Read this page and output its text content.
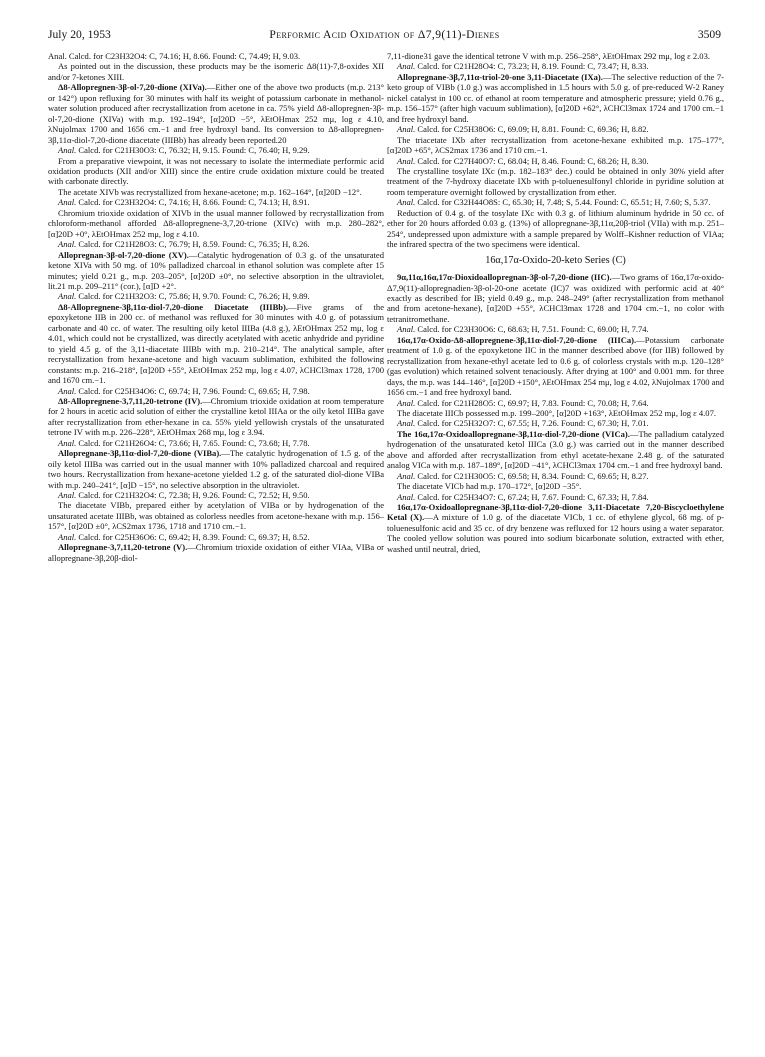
July 20, 1953	Performic Acid Oxidation of Δ7,9(11)-Dienes	3509

Anal. Calcd. for C23H32O4: C, 74.16; H, 8.66. Found: C, 74.49; H, 9.03.

As pointed out in the discussion, these products may be the isomeric Δ8(11)-7,8-oxides XII and/or 7-ketones XIII.

Δ8-Allopregnen-3β-ol-7,20-dione (XIVa).—Either one of the above two products (m.p. 213° or 142°) upon refluxing for 30 minutes with half its weight of potassium carbonate in methanol-water solution produced after recrystallization from acetone in ca. 75% yield Δ8-allopregnen-3β-ol-7,20-dione (XIVa) with m.p. 192–194°, [α]20D −5°, λEtOHmax 252 mμ, log ε 4.10, λNujolmax 1700 and 1656 cm.−1 and free hydroxyl band. Its conversion to Δ8-allopregnen-3β,11α-diol-7,20-dione diacetate (IIIBb) has already been reported.20

Anal. Calcd. for C21H30O3: C, 76.32; H, 9.15. Found: C, 76.40; H, 9.29.

From a preparative viewpoint, it was not necessary to isolate the intermediate performic acid oxidation products (XII and/or XIII) since the entire crude oxidation mixture could be treated with carbonate directly.

The acetate XIVb was recrystallized from hexane-acetone; m.p. 162–164°, [α]20D −12°.

Anal. Calcd. for C23H32O4: C, 74.16; H, 8.66. Found: C, 74.13; H, 8.91.

Chromium trioxide oxidation of XIVb in the usual manner followed by recrystallization from chloroform-methanol afforded Δ8-allopregnene-3,7,20-trione (XIVc) with m.p. 280–282°, [α]20D +0°, λEtOHmax 252 mμ, log ε 4.10.

Anal. Calcd. for C21H28O3: C, 76.79; H, 8.59. Found: C, 76.35; H, 8.26.

Allopregnan-3β-ol-7,20-dione (XV).—Catalytic hydrogenation of 0.3 g. of the unsaturated ketone XIVa with 50 mg. of 10% palladized charcoal in ethanol solution was complete after 15 minutes; yield 0.21 g., m.p. 203–205°, [α]20D ±0°, no selective absorption in the ultraviolet, lit.21 m.p. 209–211° (cor.), [α]D +2°.

Anal. Calcd. for C21H32O3: C, 75.86; H, 9.70. Found: C, 76.26; H, 9.89.

Δ8-Allopregnene-3β,11α-diol-7,20-dione Diacetate (IIIBb).—Five grams of the epoxyketone IIB in 200 cc. of methanol was refluxed for 30 minutes with 4.0 g. of potassium carbonate and 40 cc. of water. The resulting oily ketol IIIBa (4.8 g.), λEtOHmax 252 mμ, log ε 4.01, which could not be crystallized, was directly acetylated with acetic anhydride and pyridine to yield 4.5 g. of the 3,11-diacetate IIIBb with m.p. 210–214°. The analytical sample, after recrystallization from hexane-acetone and high vacuum sublimation, exhibited the following constants: m.p. 216–218°, [α]20D +55°, λEtOHmax 252 mμ, log ε 4.07, λCHCl3max 1728, 1700 and 1670 cm.−1.

Anal. Calcd. for C25H34O6: C, 69.74; H, 7.96. Found: C, 69.65; H, 7.98.

Δ8-Allopregnene-3,7,11,20-tetrone (IV).—Chromium trioxide oxidation at room temperature for 2 hours in acetic acid solution of either the crystalline ketol IIIAa or the oily ketol IIIBa gave after recrystallization from ether-hexane in ca. 55% yield yellowish crystals of the unsaturated tetrone IV with m.p. 226–228°, λEtOHmax 268 mμ, log ε 3.94.

Anal. Calcd. for C21H26O4: C, 73.66; H, 7.65. Found: C, 73.68; H, 7.78.

Allopregnane-3β,11α-diol-7,20-dione (VIBa).—The catalytic hydrogenation of 1.5 g. of the oily ketol IIIBa was carried out in the usual manner with 10% palladized charcoal and required two hours. Recrystallization from hexane-acetone yielded 1.2 g. of the saturated diol-dione VIBa with m.p. 240–241°, [α]D −15°, no selective absorption in the ultraviolet.

Anal. Calcd. for C21H32O4: C, 72.38; H, 9.26. Found: C, 72.52; H, 9.50.

The diacetate VIBb, prepared either by acetylation of VIBa or by hydrogenation of the unsaturated acetate IIIBb, was obtained as colorless needles from acetone-hexane with m.p. 156–157°, [α]20D ±0°, λCS2max 1736, 1718 and 1710 cm.−1.

Anal. Calcd. for C25H36O6: C, 69.42; H, 8.39. Found: C, 69.37; H, 8.52.

Allopregnane-3,7,11,20-tetrone (V).—Chromium trioxide oxidation of either VIAa, VIBa or allopregnane-3β,20β-diol-

7,11-dione31 gave the identical tetrone V with m.p. 256–258°, λEtOHmax 292 mμ, log ε 2.03.

Anal. Calcd. for C21H28O4: C, 73.23; H, 8.19. Found: C, 73.47; H, 8.33.

Allopregnane-3β,7,11α-triol-20-one 3,11-Diacetate (IXa).—The selective reduction of the 7-keto group of VIBb (1.0 g.) was accomplished in 1.5 hours with 5.0 g. of pre-reduced W-2 Raney nickel catalyst in 100 cc. of ethanol at room temperature and atmospheric pressure; yield 0.76 g., m.p. 156–157° (after high vacuum sublimation), [α]20D +62°, λCHCl3max 1724 and 1700 cm.−1 and free hydroxyl band.

Anal. Calcd. for C25H38O6: C, 69.09; H, 8.81. Found: C, 69.36; H, 8.82.

The triacetate IXb after recrystallization from acetone-hexane exhibited m.p. 175–177°, [α]20D +65°, λCS2max 1736 and 1710 cm.−1.

Anal. Calcd. for C27H40O7: C, 68.04; H, 8.46. Found: C, 68.26; H, 8.30.

The crystalline tosylate IXc (m.p. 182–183° dec.) could be obtained in only 30% yield after treatment of the 7-hydroxy diacetate IXb with p-toluenesulfonyl chloride in pyridine solution at room temperature overnight followed by crystallization from ether.

Anal. Calcd. for C32H44O8S: C, 65.30; H, 7.48; S, 5.44. Found: C, 65.51; H, 7.60; S, 5.37.

Reduction of 0.4 g. of the tosylate IXc with 0.3 g. of lithium aluminum hydride in 50 cc. of ether for 20 hours afforded 0.03 g. (13%) of allopregnane-3β,11α,20β-triol (VIIa) with m.p. 251–254°, undepressed upon admixture with a sample prepared by Wolff–Kishner reduction of VIAa; the infrared spectra of the two specimens were identical.

16α,17α-Oxido-20-keto Series (C)

9α,11α,16α,17α-Dioxidoallopregnan-3β-ol-7,20-dione (IIC).—Two grams of 16α,17α-oxido-Δ7,9(11)-allopregnadien-3β-ol-20-one acetate (IC)7 was oxidized with performic acid at 40° exactly as described for IB; yield 0.49 g., m.p. 248–249° (after recrystallization from methanol and from acetone-hexane), [α]20D +55°, λCHCl3max 1728 and 1704 cm.−1, no color with tetranitromethane.

Anal. Calcd. for C23H30O6: C, 68.63; H, 7.51. Found: C, 69.00; H, 7.74.

16α,17α-Oxido-Δ8-allopregnene-3β,11α-diol-7,20-dione (IIICa).—Potassium carbonate treatment of 1.0 g. of the epoxyketone IIC in the manner described above (for IIB) followed by recrystallization from hexane-ethyl acetate led to 0.6 g. of colorless crystals with m.p. 120–128° (gas evolution) which retained solvent tenaciously. After drying at 100° and 0.001 mm. for three days, the m.p. was 144–146°, [α]20D +150°, λEtOHmax 254 mμ, log ε 4.02, λNujolmax 1700 and 1656 cm.−1 and free hydroxyl band.

Anal. Calcd. for C21H28O5: C, 69.97; H, 7.83. Found: C, 70.08; H, 7.64.

The diacetate IIICb possessed m.p. 199–200°, [α]20D +163°, λEtOHmax 252 mμ, log ε 4.07.

Anal. Calcd. for C25H32O7: C, 67.55; H, 7.26. Found: C, 67.30; H, 7.01.

The 16α,17α-Oxidoallopregnane-3β,11α-diol-7,20-dione (VICa).—The palladium catalyzed hydrogenation of the unsaturated ketol IIICa (3.0 g.) was carried out in the manner described above and afforded after recrystallization from ethyl acetate-hexane 2.48 g. of the saturated analog VICa with m.p. 187–189°, [α]20D −41°, λCHCl3max 1704 cm.−1 and free hydroxyl band.

Anal. Calcd. for C21H30O5: C, 69.58; H, 8.34. Found: C, 69.65; H, 8.27.

The diacetate VICb had m.p. 170–172°, [α]20D −35°.

Anal. Calcd. for C25H34O7: C, 67.24; H, 7.67. Found: C, 67.33; H, 7.84.

16α,17α-Oxidoallopregnane-3β,11α-diol-7,20-dione 3,11-Diacetate 7,20-Biscycloethylene Ketal (X).—A mixture of 1.0 g. of the diacetate VICb, 1 cc. of ethylene glycol, 68 mg. of p-toluenesulfonic acid and 35 cc. of dry benzene was refluxed for 12 hours using a water separator. The cooled yellow solution was poured into sodium bicarbonate solution, extracted with ether, washed until neutral, dried,
